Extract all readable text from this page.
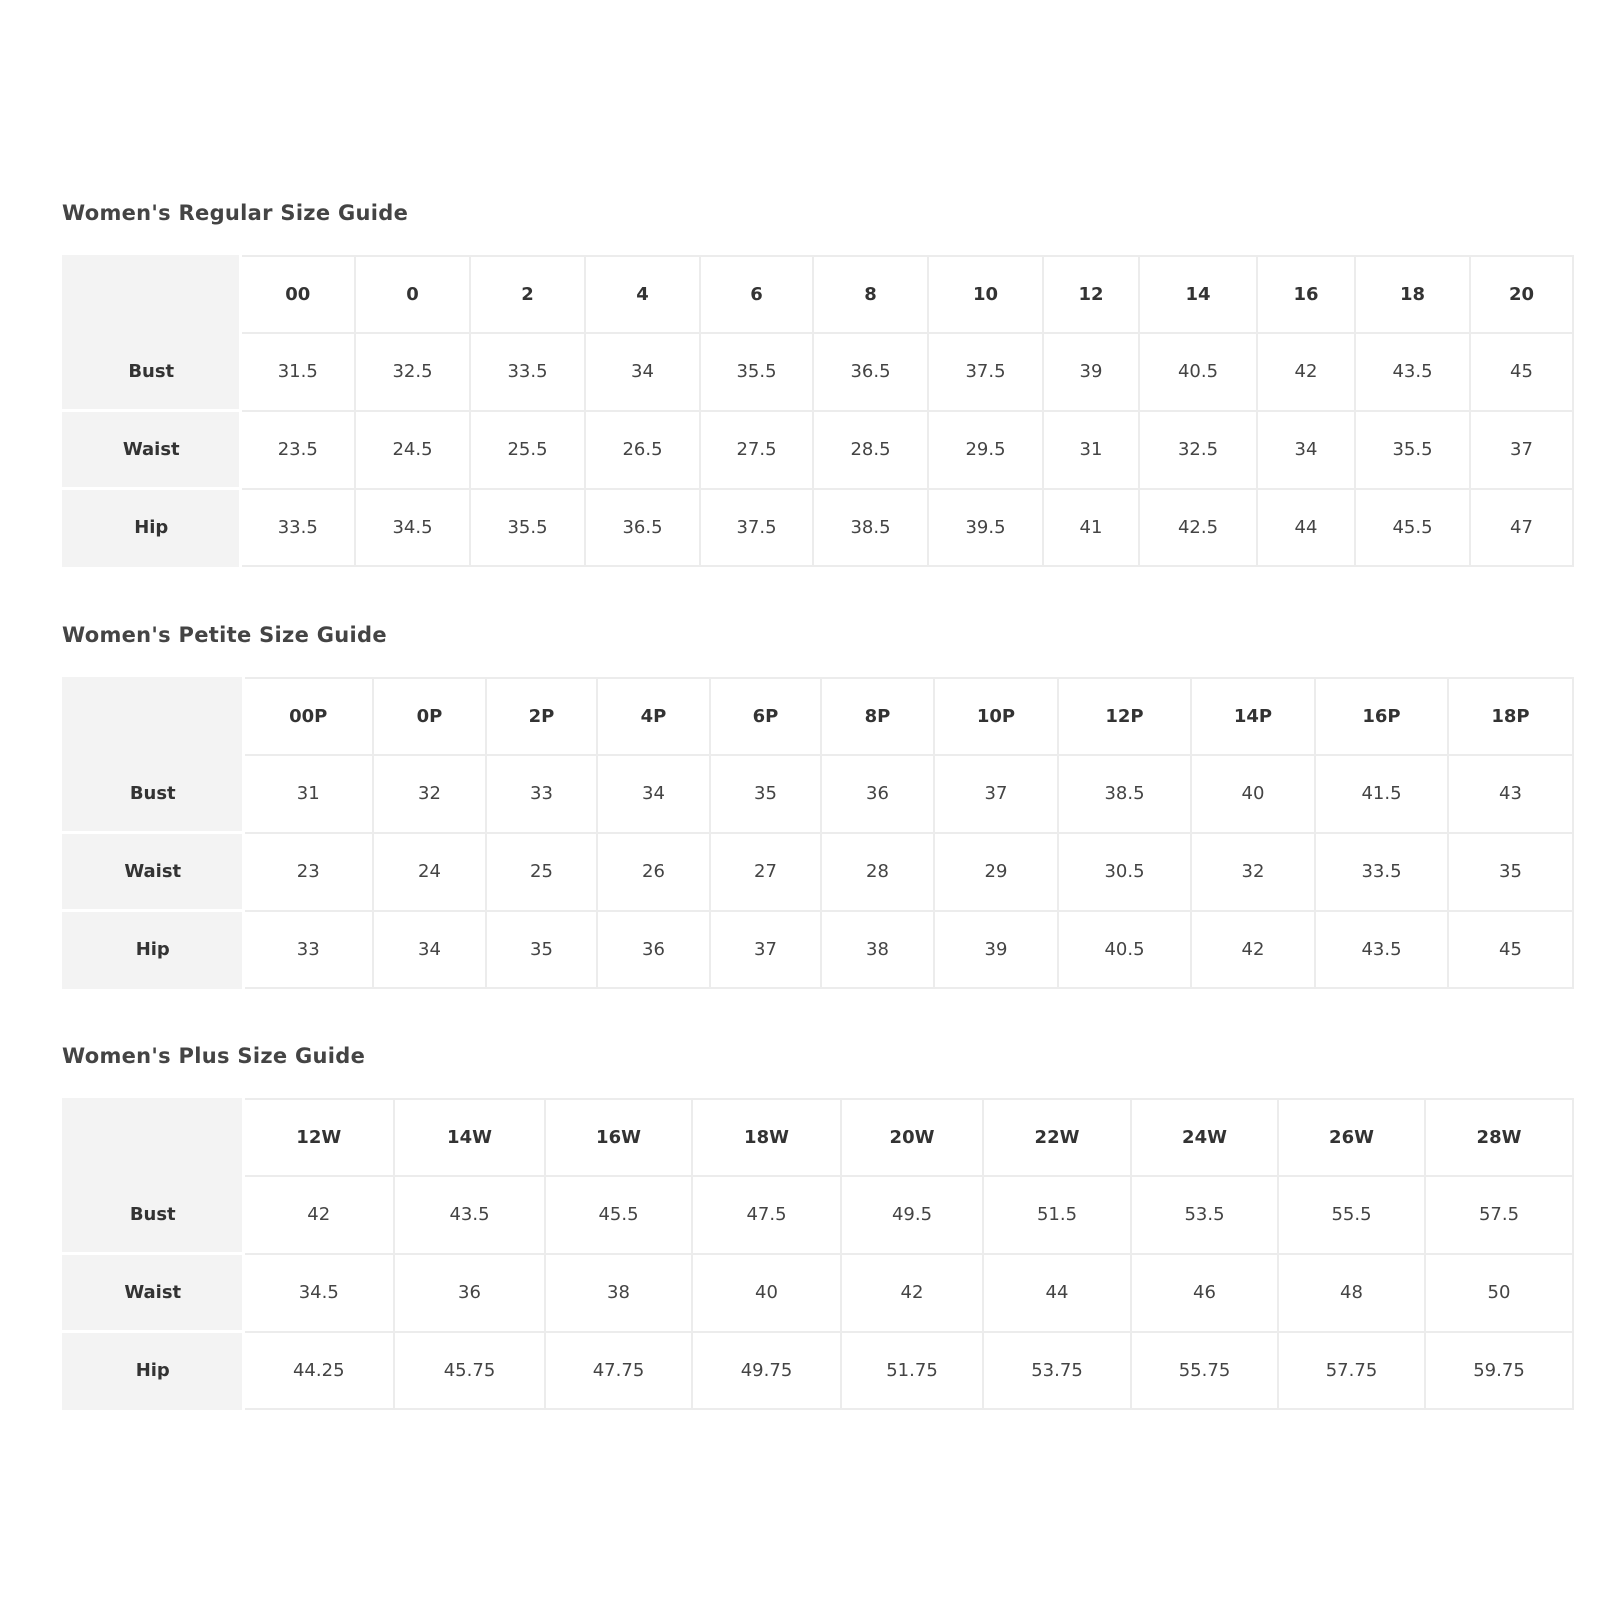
Women's Regular Size Guide
	00	0	2	4	6	8	10	12	14	16	18	20
Bust	31.5	32.5	33.5	34	35.5	36.5	37.5	39	40.5	42	43.5	45
Waist	23.5	24.5	25.5	26.5	27.5	28.5	29.5	31	32.5	34	35.5	37
Hip	33.5	34.5	35.5	36.5	37.5	38.5	39.5	41	42.5	44	45.5	47
Women's Petite Size Guide
	00P	0P	2P	4P	6P	8P	10P	12P	14P	16P	18P
Bust	31	32	33	34	35	36	37	38.5	40	41.5	43
Waist	23	24	25	26	27	28	29	30.5	32	33.5	35
Hip	33	34	35	36	37	38	39	40.5	42	43.5	45
Women's Plus Size Guide
	12W	14W	16W	18W	20W	22W	24W	26W	28W
Bust	42	43.5	45.5	47.5	49.5	51.5	53.5	55.5	57.5
Waist	34.5	36	38	40	42	44	46	48	50
Hip	44.25	45.75	47.75	49.75	51.75	53.75	55.75	57.75	59.75
